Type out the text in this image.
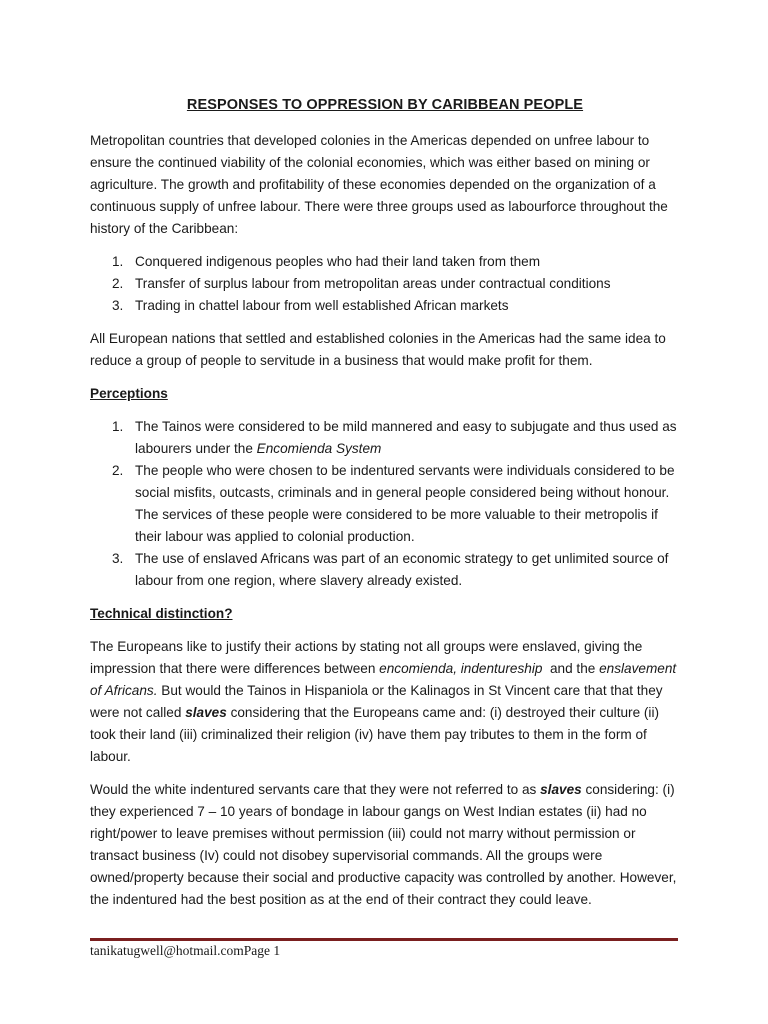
RESPONSES TO OPPRESSION BY CARIBBEAN PEOPLE

Metropolitan countries that developed colonies in the Americas depended on unfree labour to ensure the continued viability of the colonial economies, which was either based on mining or agriculture. The growth and profitability of these economies depended on the organization of a continuous supply of unfree labour. There were three groups used as labourforce throughout the history of the Caribbean:

1. Conquered indigenous peoples who had their land taken from them
2. Transfer of surplus labour from metropolitan areas under contractual conditions
3. Trading in chattel labour from well established African markets

All European nations that settled and established colonies in the Americas had the same idea to reduce a group of people to servitude in a business that would make profit for them.

Perceptions
1. The Tainos were considered to be mild mannered and easy to subjugate and thus used as labourers under the Encomienda System
2. The people who were chosen to be indentured servants were individuals considered to be social misfits, outcasts, criminals and in general people considered being without honour. The services of these people were considered to be more valuable to their metropolis if their labour was applied to colonial production.
3. The use of enslaved Africans was part of an economic strategy to get unlimited source of labour from one region, where slavery already existed.
Technical distinction?

The Europeans like to justify their actions by stating not all groups were enslaved, giving the impression that there were differences between encomienda, indentureship  and the enslavement of Africans. But would the Tainos in Hispaniola or the Kalinagos in St Vincent care that that they were not called slaves considering that the Europeans came and: (i) destroyed their culture (ii) took their land (iii) criminalized their religion (iv) have them pay tributes to them in the form of labour.

Would the white indentured servants care that they were not referred to as slaves considering: (i) they experienced 7 – 10 years of bondage in labour gangs on West Indian estates (ii) had no right/power to leave premises without permission (iii) could not marry without permission or transact business (Iv) could not disobey supervisorial commands. All the groups were owned/property because their social and productive capacity was controlled by another. However, the indentured had the best position as at the end of their contract they could leave.

tanikatugwell@hotmail.comPage 1
